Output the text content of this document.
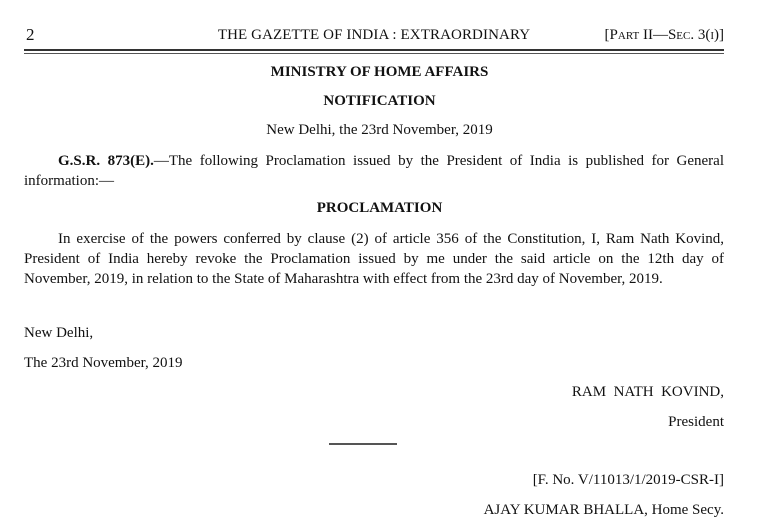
2	THE GAZETTE OF INDIA : EXTRAORDINARY	[Part II—Sec. 3(i)]
MINISTRY OF HOME AFFAIRS
NOTIFICATION
New Delhi, the 23rd November, 2019
G.S.R. 873(E).—The following Proclamation issued by the President of India is published for General
information:—
PROCLAMATION
In exercise of the powers conferred by clause (2) of article 356 of the Constitution, I, Ram Nath Kovind,
President of India hereby revoke the Proclamation issued by me under the said article on the 12th day of
November, 2019, in relation to the State of Maharashtra with effect from the 23rd day of November, 2019.
New Delhi,
The 23rd November, 2019
RAM  NATH  KOVIND,
President
[F. No. V/11013/1/2019-CSR-I]
AJAY KUMAR BHALLA, Home Secy.
